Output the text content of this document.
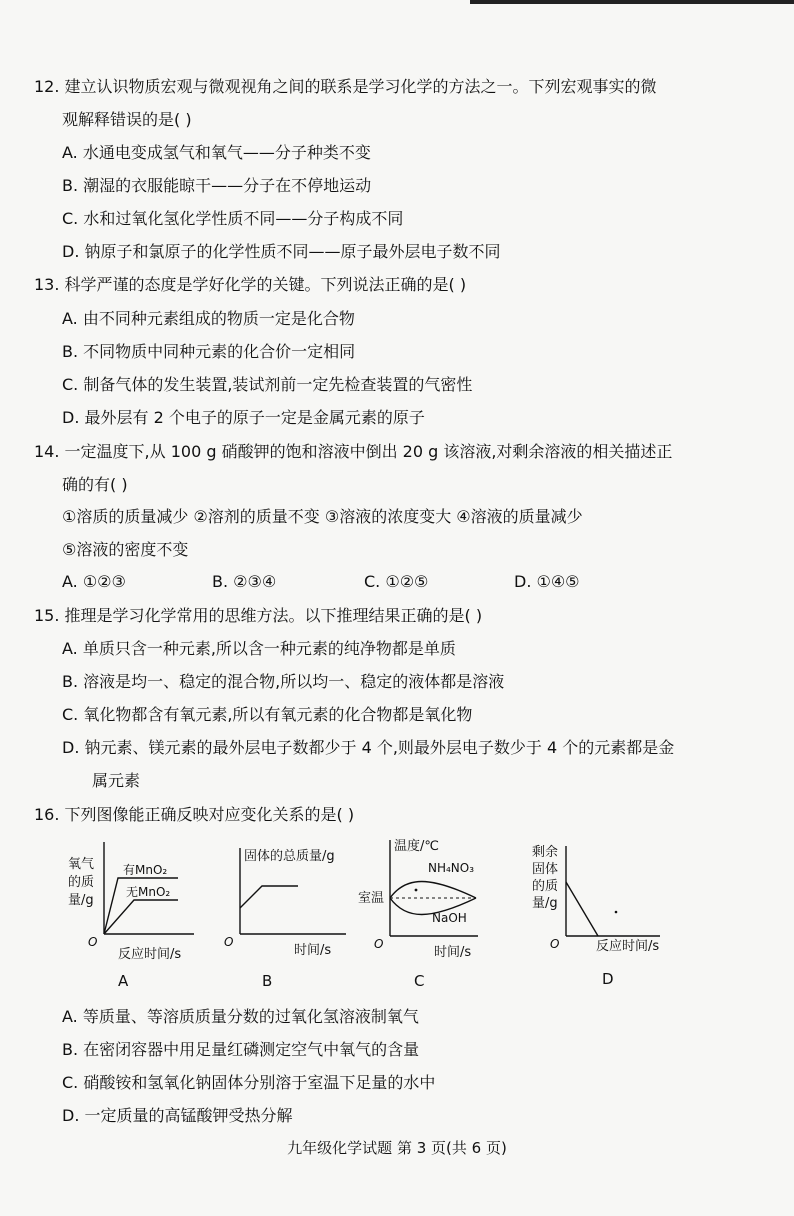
12. 建立认识物质宏观与微观视角之间的联系是学习化学的方法之一。下列宏观事实的微
观解释错误的是( )
A. 水通电变成氢气和氧气——分子种类不变
B. 潮湿的衣服能晾干——分子在不停地运动
C. 水和过氧化氢化学性质不同——分子构成不同
D. 钠原子和氯原子的化学性质不同——原子最外层电子数不同
13. 科学严谨的态度是学好化学的关键。下列说法正确的是( )
A. 由不同种元素组成的物质一定是化合物
B. 不同物质中同种元素的化合价一定相同
C. 制备气体的发生装置,装试剂前一定先检查装置的气密性
D. 最外层有 2 个电子的原子一定是金属元素的原子
14. 一定温度下,从 100 g 硝酸钾的饱和溶液中倒出 20 g 该溶液,对剩余溶液的相关描述正
确的有( )
①溶质的质量减少 ②溶剂的质量不变 ③溶液的浓度变大 ④溶液的质量减少
⑤溶液的密度不变
A. ①②③	B. ②③④	C. ①②⑤	D. ①④⑤
15. 推理是学习化学常用的思维方法。以下推理结果正确的是( )
A. 单质只含一种元素,所以含一种元素的纯净物都是单质
B. 溶液是均一、稳定的混合物,所以均一、稳定的液体都是溶液
C. 氧化物都含有氧元素,所以有氧元素的化合物都是氧化物
D. 钠元素、镁元素的最外层电子数都少于 4 个,则最外层电子数少于 4 个的元素都是金
属元素
16. 下列图像能正确反映对应变化关系的是( )
氧气
的质
量/g
有MnO₂
无MnO₂
O
反应时间/s
A
固体的总质量/g
O
时间/s
B
温度/℃
室温
NH₄NO₃
NaOH
O
时间/s
C
剩余
固体
的质
量/g
O	反应时间/s
D
A. 等质量、等溶质质量分数的过氧化氢溶液制氧气
B. 在密闭容器中用足量红磷测定空气中氧气的含量
C. 硝酸铵和氢氧化钠固体分别溶于室温下足量的水中
D. 一定质量的高锰酸钾受热分解
九年级化学试题 第 3 页(共 6 页)
